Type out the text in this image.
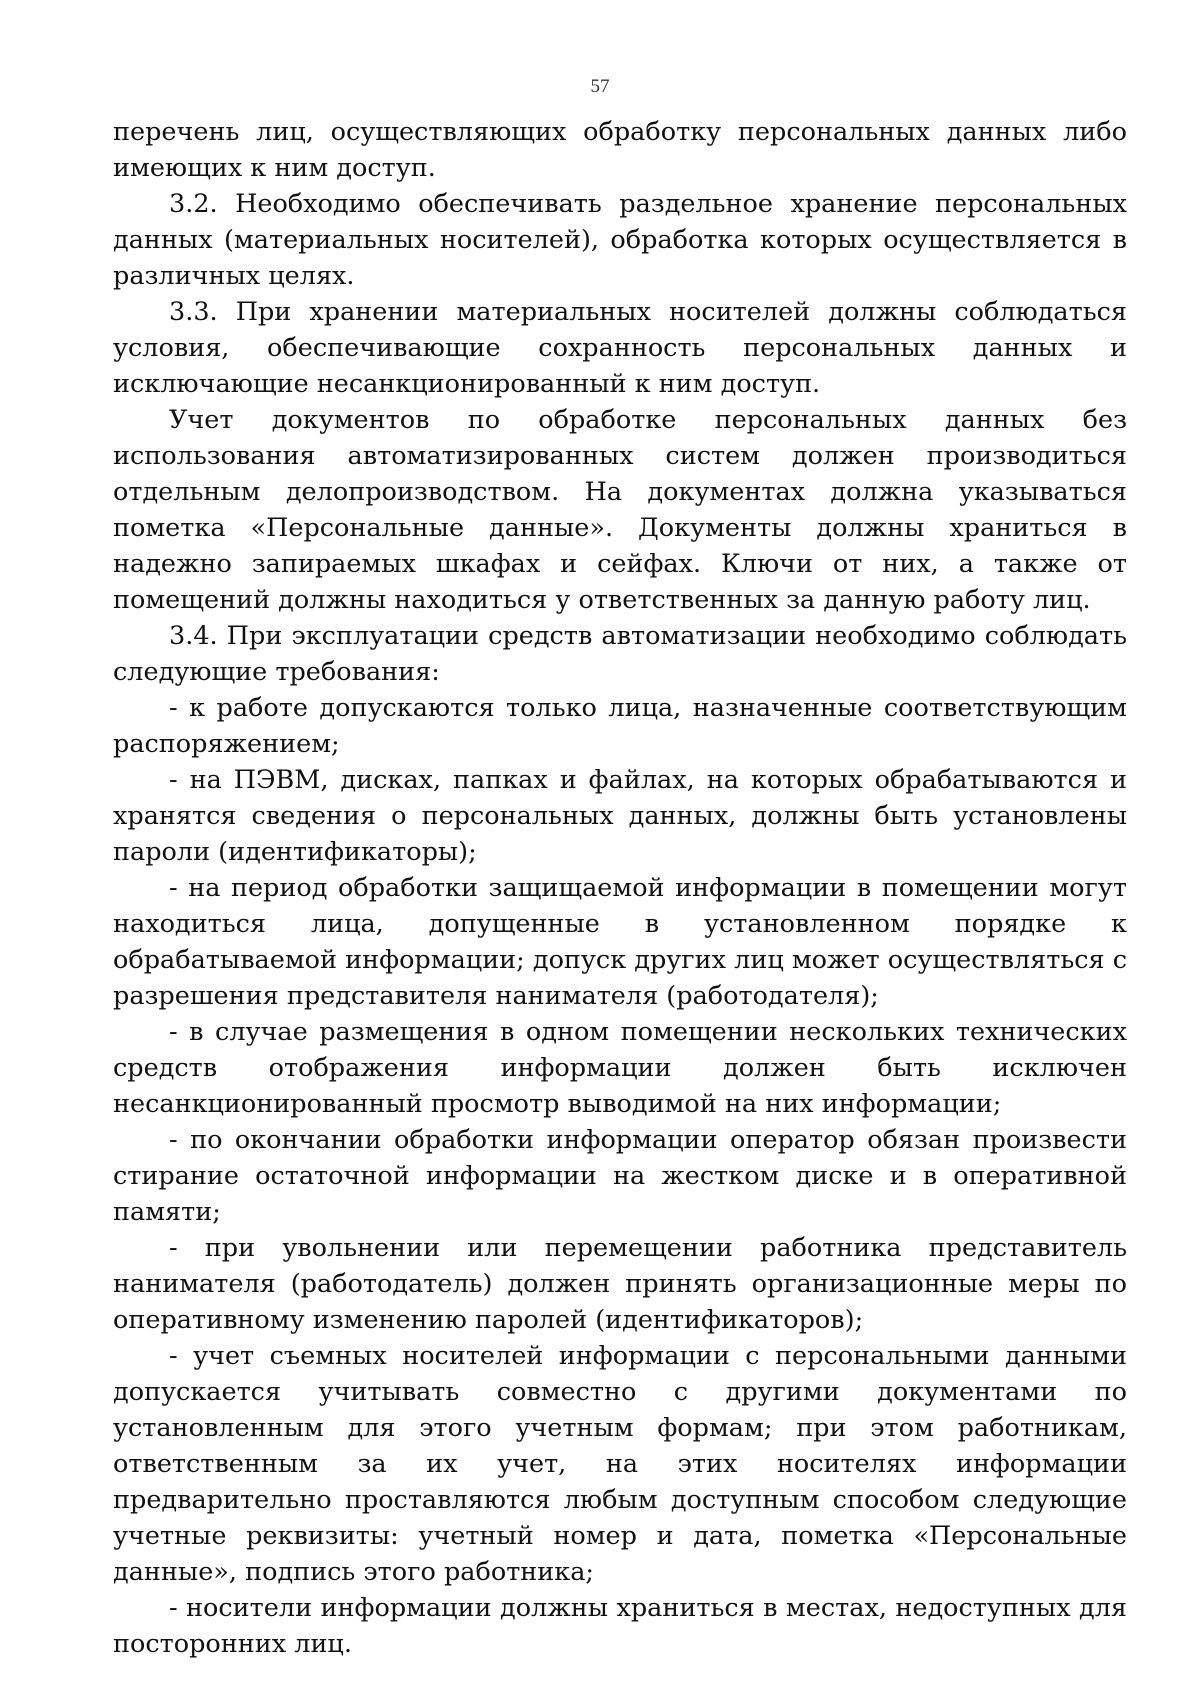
57

перечень лиц, осуществляющих обработку персональных данных либо имеющих к ним доступ.

3.2. Необходимо обеспечивать раздельное хранение персональных данных (материальных носителей), обработка которых осуществляется в различных целях.

3.3. При хранении материальных носителей должны соблюдаться условия, обеспечивающие сохранность персональных данных и исключающие несанкционированный к ним доступ.

Учет документов по обработке персональных данных без использования автоматизированных систем должен производиться отдельным делопроизводством. На документах должна указываться пометка «Персональные данные». Документы должны храниться в надежно запираемых шкафах и сейфах. Ключи от них, а также от помещений должны находиться у ответственных за данную работу лиц.

3.4. При эксплуатации средств автоматизации необходимо соблюдать следующие требования:

- к работе допускаются только лица, назначенные соответствующим распоряжением;

- на ПЭВМ, дисках, папках и файлах, на которых обрабатываются и хранятся сведения о персональных данных, должны быть установлены пароли (идентификаторы);

- на период обработки защищаемой информации в помещении могут находиться лица, допущенные в установленном порядке к обрабатываемой информации; допуск других лиц может осуществляться с разрешения представителя нанимателя (работодателя);

- в случае размещения в одном помещении нескольких технических средств отображения информации должен быть исключен несанкционированный просмотр выводимой на них информации;

- по окончании обработки информации оператор обязан произвести стирание остаточной информации на жестком диске и в оперативной памяти;

- при увольнении или перемещении работника представитель нанимателя (работодатель) должен принять организационные меры по оперативному изменению паролей (идентификаторов);

- учет съемных носителей информации с персональными данными допускается учитывать совместно с другими документами по установленным для этого учетным формам; при этом работникам, ответственным за их учет, на этих носителях информации предварительно проставляются любым доступным способом следующие учетные реквизиты: учетный номер и дата, пометка «Персональные данные», подпись этого работника;

- носители информации должны храниться в местах, недоступных для посторонних лиц.
